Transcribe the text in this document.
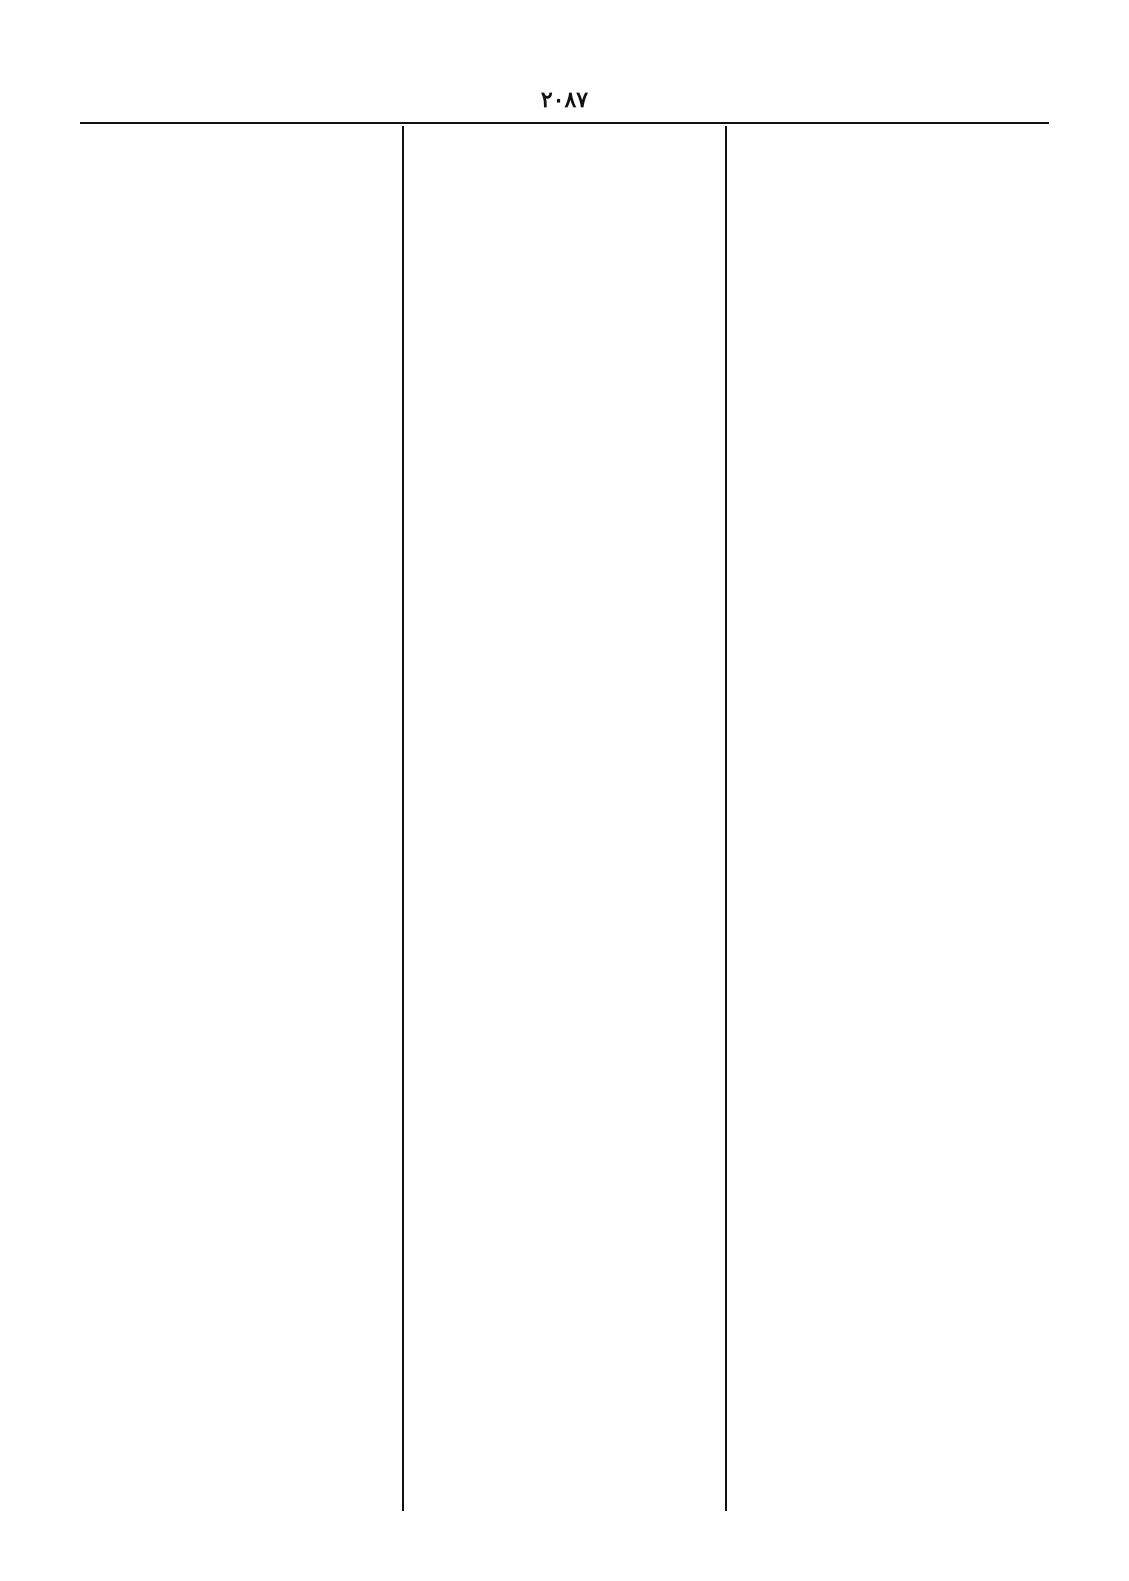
٢٠٨٧
